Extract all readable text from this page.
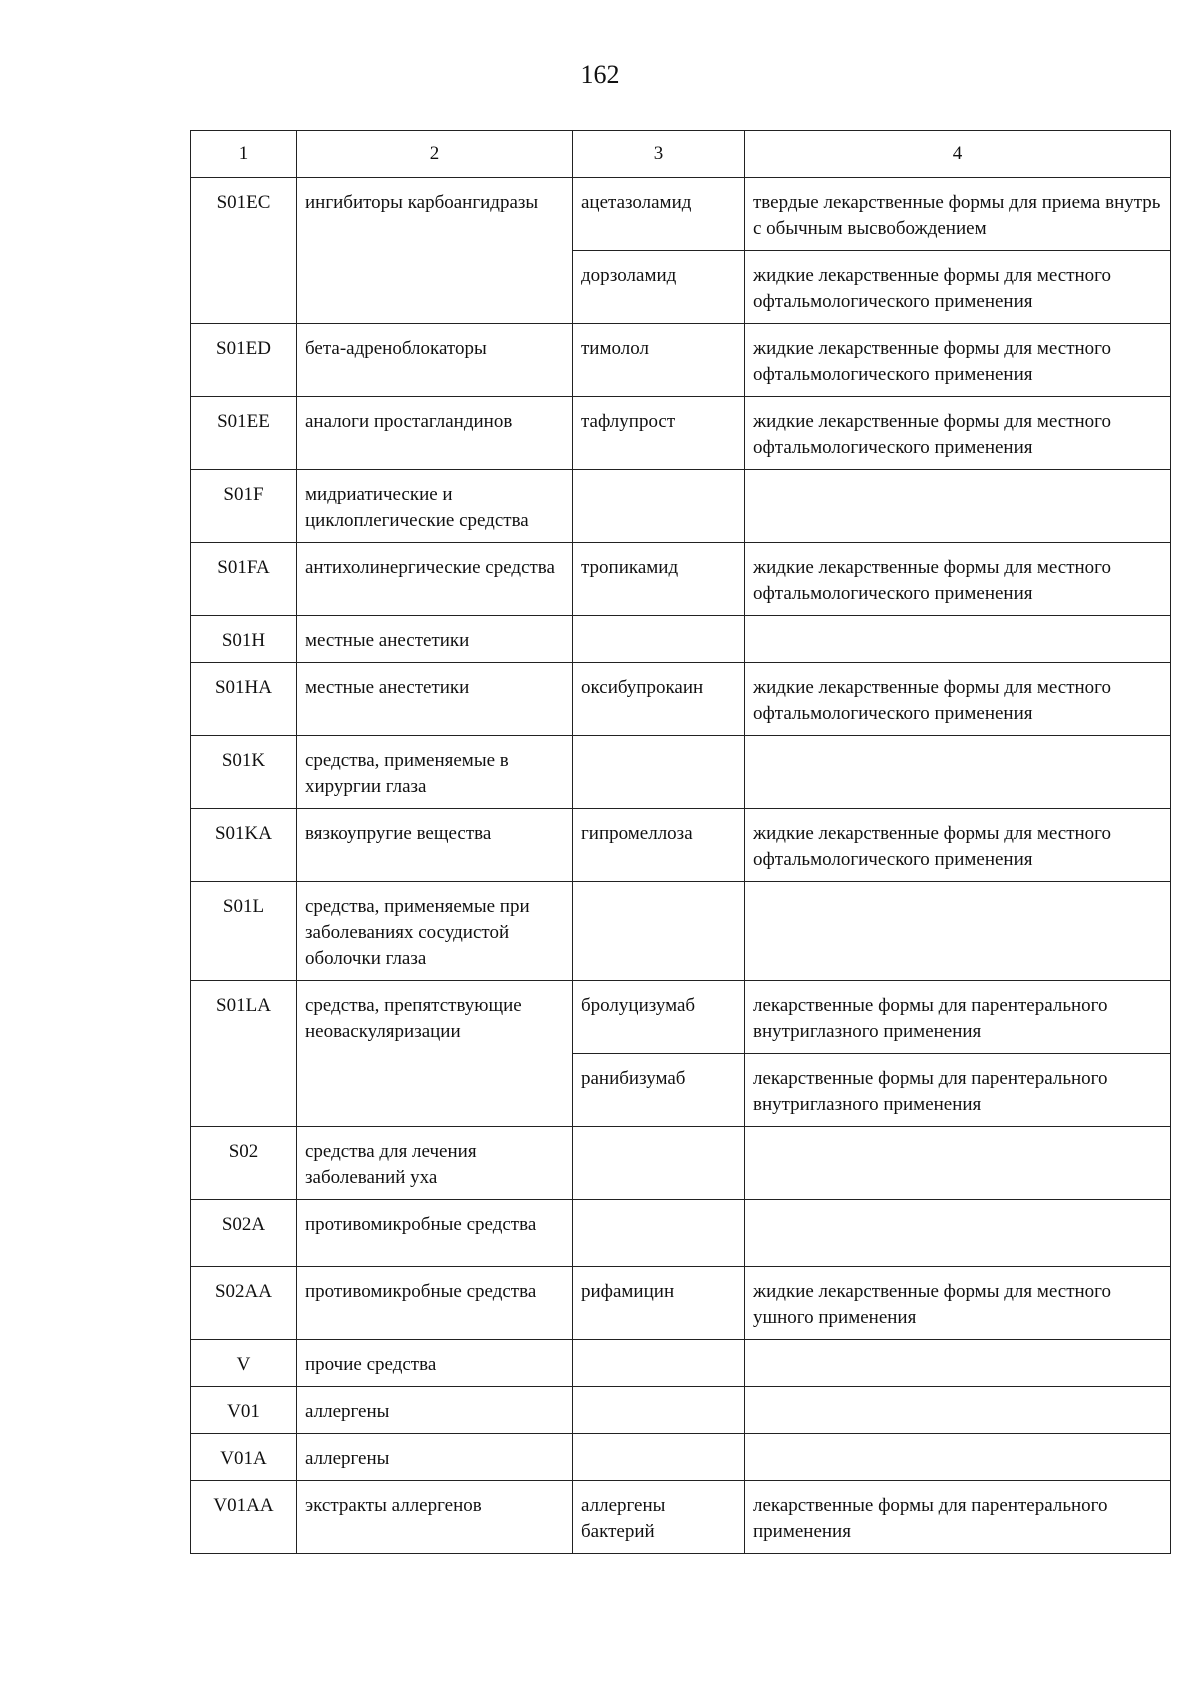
162
1	2	3	4
S01EC	ингибиторы карбоангидразы	ацетазоламид	твердые лекарственные формы для приема внутрь с обычным высвобождением
		дорзоламид	жидкие лекарственные формы для местного офтальмологического применения
S01ED	бета-адреноблокаторы	тимолол	жидкие лекарственные формы для местного офтальмологического применения
S01EE	аналоги простагландинов	тафлупрост	жидкие лекарственные формы для местного офтальмологического применения
S01F	мидриатические и циклоплегические средства		
S01FA	антихолинергические средства	тропикамид	жидкие лекарственные формы для местного офтальмологического применения
S01H	местные анестетики		
S01HA	местные анестетики	оксибупрокаин	жидкие лекарственные формы для местного офтальмологического применения
S01K	средства, применяемые в хирургии глаза		
S01KA	вязкоупругие вещества	гипромеллоза	жидкие лекарственные формы для местного офтальмологического применения
S01L	средства, применяемые при заболеваниях сосудистой оболочки глаза		
S01LA	средства, препятствующие неоваскуляризации	бролуцизумаб	лекарственные формы для парентерального внутриглазного применения
		ранибизумаб	лекарственные формы для парентерального внутриглазного применения
S02	средства для лечения заболеваний уха		
S02A	противомикробные средства		
S02AA	противомикробные средства	рифамицин	жидкие лекарственные формы для местного ушного применения
V	прочие средства		
V01	аллергены		
V01A	аллергены		
V01AA	экстракты аллергенов	аллергены бактерий	лекарственные формы для парентерального применения
